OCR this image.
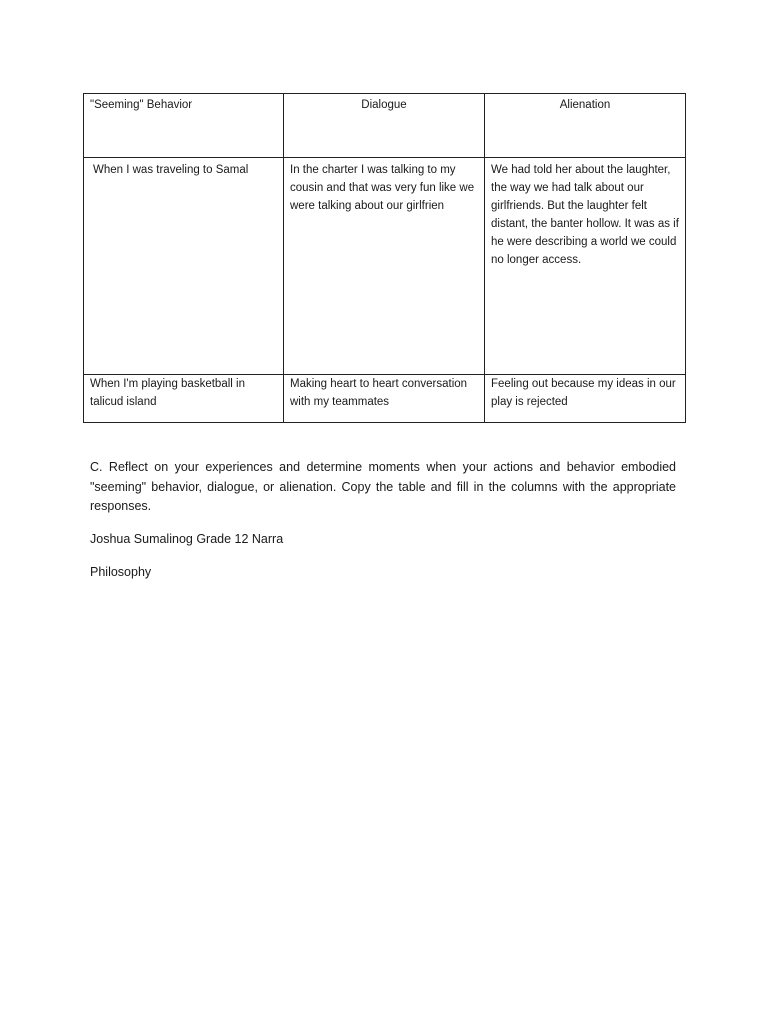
"Seeming" Behavior	Dialogue	Alienation
When I was traveling to Samal	In the charter I was talking to my cousin and that was very fun like we were talking about our girlfrien	We had told her about the laughter, the way we had talk about our girlfriends. But the laughter felt distant, the banter hollow. It was as if he were describing a world we could no longer access.
When I'm playing basketball in talicud island	Making heart to heart conversation with my teammates	Feeling out because my ideas in our play is rejected

C. Reflect on your experiences and determine moments when your actions and behavior embodied "seeming" behavior, dialogue, or alienation. Copy the table and fill in the columns with the appropriate responses.

Joshua Sumalinog Grade 12 Narra

Philosophy
